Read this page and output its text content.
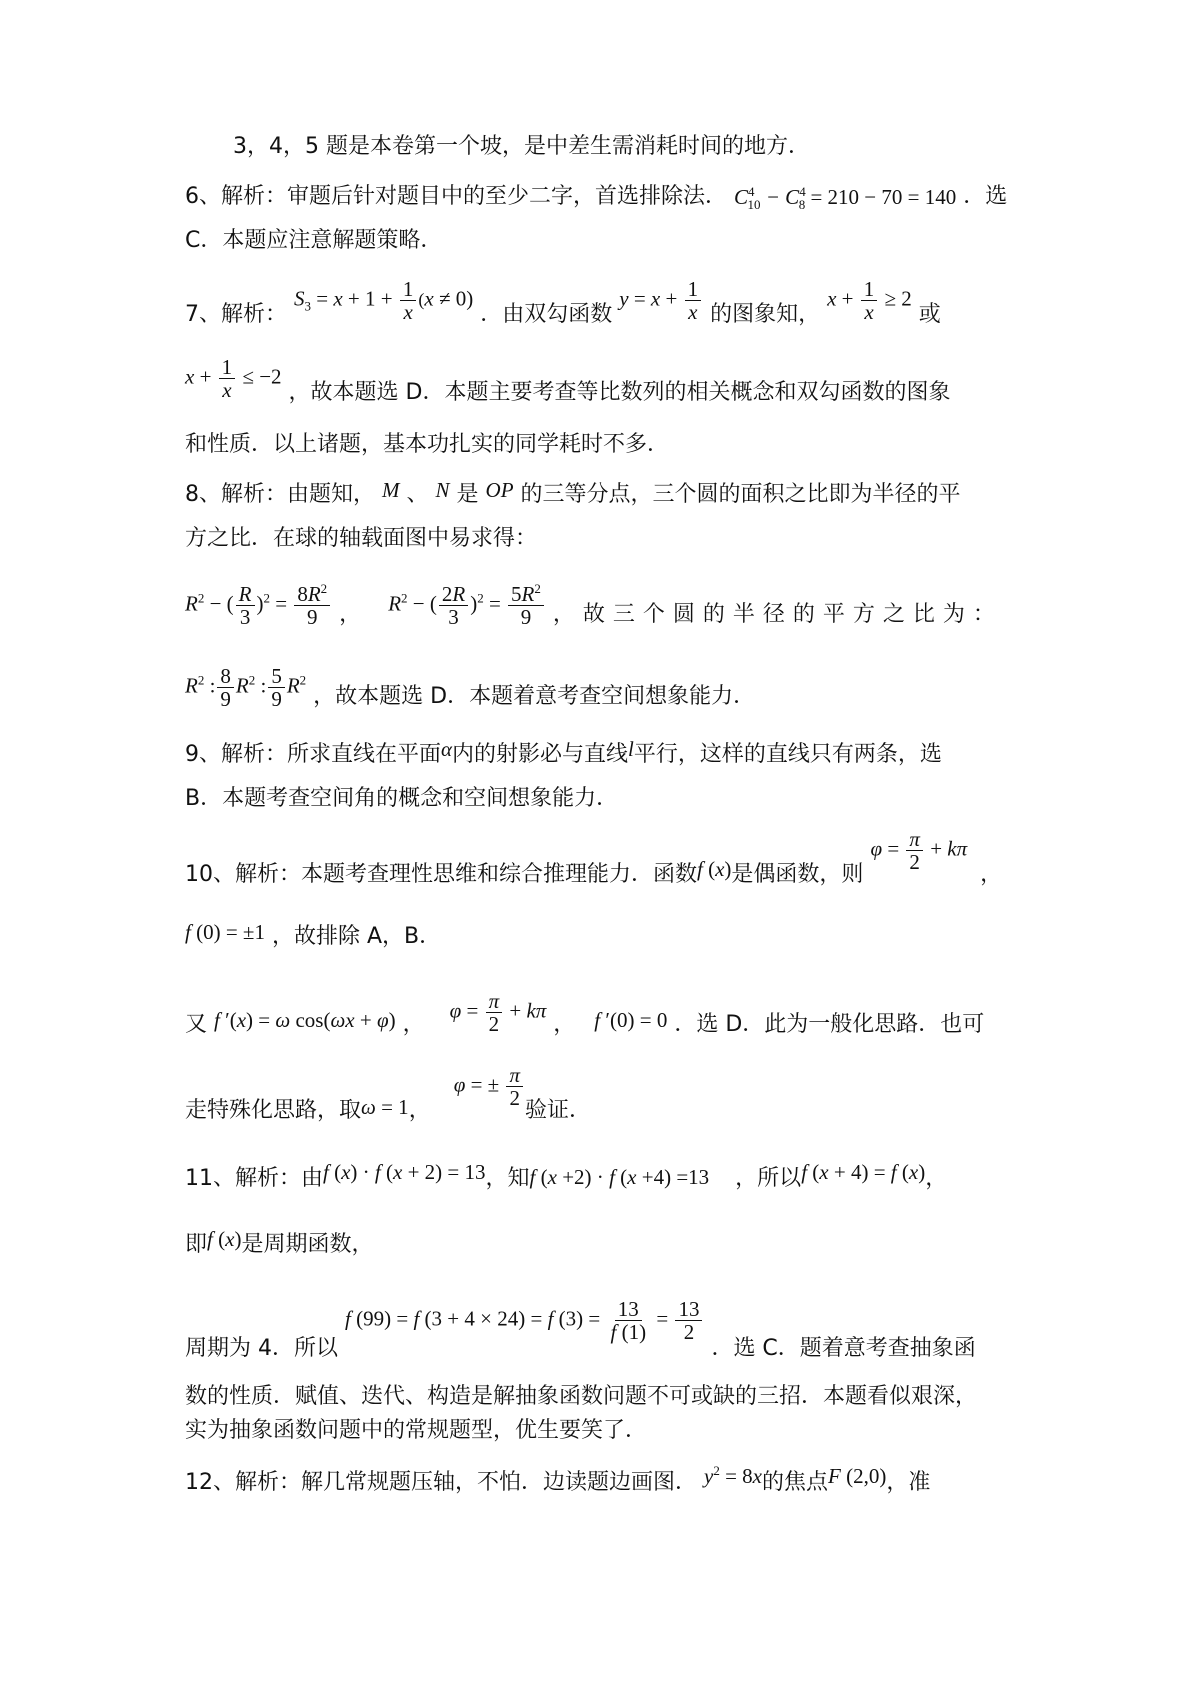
3，4，5 题是本卷第一个坡，是中差生需消耗时间的地方．
6、解析：审题后针对题目中的至少二字，首选排除法． $C^4_{10} - C^4_8 = 210 - 70 = 140$ ．选
C．本题应注意解题策略．
7、解析： $S_3 = x + 1 + \frac{1}{x} (x \ne 0)$ ．由双勾函数 $y = x + \frac{1}{x}$ 的图象知， $x + \frac{1}{x} \ge 2$ 或
$x + \frac{1}{x} \le -2$ ，故本题选 D．本题主要考查等比数列的相关概念和双勾函数的图象
和性质．以上诸题，基本功扎实的同学耗时不多．
8、解析：由题知， M 、 N 是 OP 的三等分点，三个圆的面积之比即为半径的平
方之比．在球的轴载面图中易求得：
$R^2$ − ( $\frac{R}{3} )^2 = \frac{8R^2}{9}$ ， $R^2$ − ( $\frac{2R}{3} )^2 = \frac{5R^2}{9}$ ，故三个圆的半径的平方之比为：
$R^2$ : $\frac{8}{9} R^2$ : $\frac{5}{9} R^2$ ，故本题选 D．本题着意考查空间想象能力．
9、解析：所求直线在平面α内的射影必与直线l平行，这样的直线只有两条，选
B．本题考查空间角的概念和空间想象能力．
10、解析：本题考查理性思维和综合推理能力．函数f (x)是偶函数，则 $\varphi = \frac{\pi}{2} + k\pi$ ，
f (0) = ±1 ，故排除 A，B．
又 f ′(x) = ω cos(ωx + φ) ， $\varphi = \frac{\pi}{2} + k\pi$ ， f ′(0) = 0 ．选 D．此为一般化思路．也可
走特殊化思路，取ω = 1， φ = ± $\frac{\pi}{2}$
验证．
11、解析：由f (x) · f (x + 2) = 13，知f (x +2) · f (x +4) =13 ，所以f (x + 4) = f (x)，
即f (x)是周期函数，
周期为 4．所以 f (99) = f (3 + 4 × 24) = f $(3) = \frac{13}{f (1)} = \frac{13}{2}$
．选 C．题着意考查抽象函
数的性质．赋值、迭代、构造是解抽象函数问题不可或缺的三招．本题看似艰深，
实为抽象函数问题中的常规题型，优生要笑了．
12、解析：解几常规题压轴，不怕．边读题边画图． $y^2 = 8x$的焦点F (2,0)，准
